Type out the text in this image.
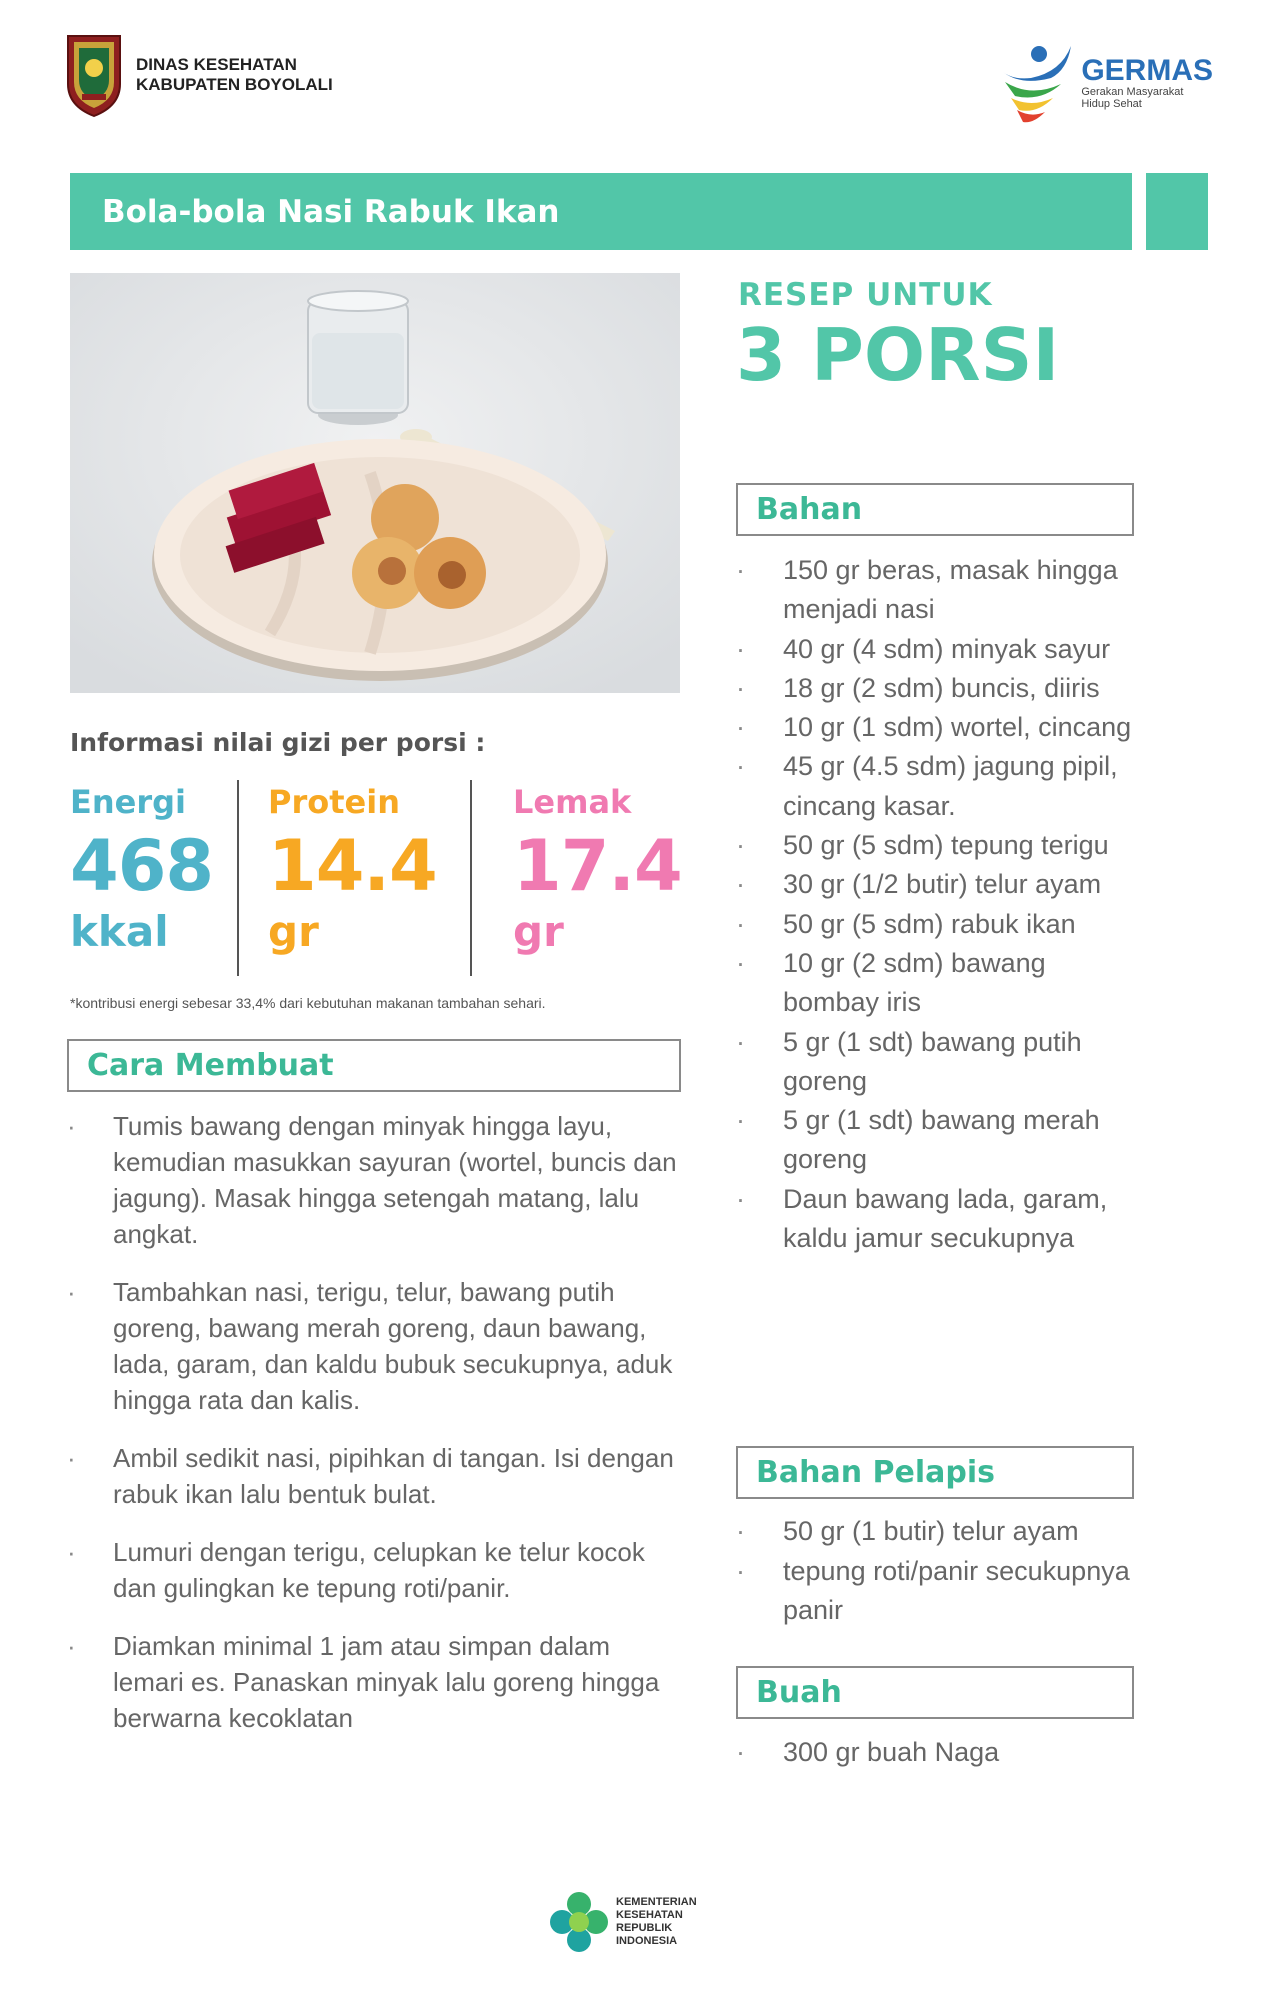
DINAS KESEHATAN
KABUPATEN BOYOLALI	GERMAS
Gerakan Masyarakat
Hidup Sehat
Bola-bola Nasi Rabuk Ikan
RESEP UNTUK
3 PORSI
Informasi nilai gizi per porsi :
Energi
468
kkal
Protein
14.4
gr
Lemak
17.4
gr
*kontribusi energi sebesar 33,4% dari kebutuhan makanan tambahan sehari.
Cara Membuat
· Tumis bawang dengan minyak hingga layu, kemudian masukkan sayuran (wortel, buncis dan jagung). Masak hingga setengah matang, lalu angkat.
· Tambahkan nasi, terigu, telur, bawang putih goreng, bawang merah goreng, daun bawang, lada, garam, dan kaldu bubuk secukupnya, aduk hingga rata dan kalis.
· Ambil sedikit nasi, pipihkan di tangan. Isi dengan rabuk ikan lalu bentuk bulat.
· Lumuri dengan terigu, celupkan ke telur kocok dan gulingkan ke tepung roti/panir.
· Diamkan minimal 1 jam atau simpan dalam lemari es. Panaskan minyak lalu goreng hingga berwarna kecoklatan
Bahan
· 150 gr beras, masak hingga menjadi nasi
· 40 gr (4 sdm) minyak sayur
· 18 gr (2 sdm) buncis, diiris
· 10 gr (1 sdm) wortel, cincang
· 45 gr (4.5 sdm) jagung pipil, cincang kasar.
· 50 gr (5 sdm) tepung terigu
· 30 gr (1/2 butir) telur ayam
· 50 gr (5 sdm) rabuk ikan
· 10 gr (2 sdm) bawang bombay iris
· 5 gr (1 sdt) bawang putih goreng
· 5 gr (1 sdt) bawang merah goreng
· Daun bawang lada, garam, kaldu jamur secukupnya
Bahan Pelapis
· 50 gr (1 butir) telur ayam
· tepung roti/panir secukupnya panir
Buah
· 300 gr buah Naga
KEMENTERIAN
KESEHATAN
REPUBLIK
INDONESIA
